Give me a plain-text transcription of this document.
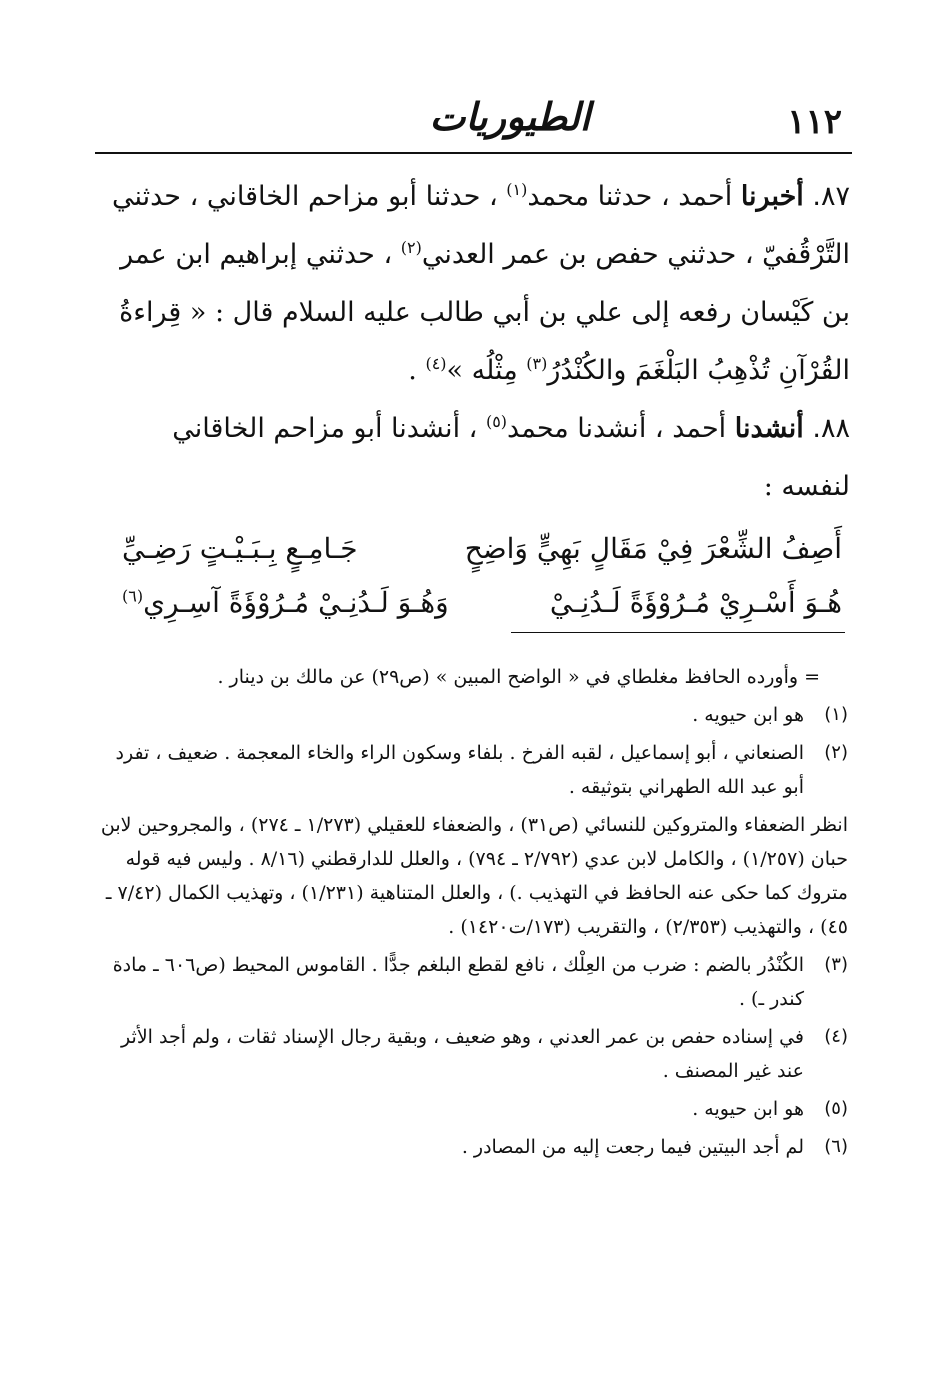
١١٢
الطيوريات

٨٧. أخبرنا أحمد ، حدثنا محمد$^{(١)}$ ، حدثنا أبو مزاحم الخاقاني ، حدثني التَّرْقُفيّ ، حدثني حفص بن عمر العدني$^{(٢)}$ ، حدثني إبراهيم ابن عمر بن كَيْسان رفعه إلى علي بن أبي طالب عليه السلام قال : « قِراءةُ القُرْآنِ تُذْهِبُ البَلْغَمَ والكُنْدُرُ$^{(٣)}$ مِثْلُه »$^{(٤)}$ .

٨٨. أنشدنا أحمد ، أنشدنا محمد$^{(٥)}$ ، أنشدنا أبو مزاحم الخاقاني لنفسه :

أَصِفُ الشِّعْرَ فِيْ مَقَالٍ بَهِيٍّ وَاضِحٍ
جَـامِـعٍ بِـبَـيْـتٍ رَضِـيِّ
هُـوَ أَسْـرِيْ مُـرُوْؤَةً لَـدُنِـيْ
وَهُـوَ لَـدُنِـيْ مُـرُوْؤَةً آسِـرِي$^{(٦)}$

= وأورده الحافظ مغلطاي في « الواضح المبين » (ص٢٩) عن مالك بن دينار .

(١)
هو ابن حيويه .
(٢)
الصنعاني ، أبو إسماعيل ، لقبه الفرخ . بلفاء وسكون الراء والخاء المعجمة . ضعيف ، تفرد أبو عبد الله الطهراني بتوثيقه .
انظر الضعفاء والمتروكين للنسائي (ص٣١) ، والضعفاء للعقيلي (١/٢٧٣ ـ ٢٧٤) ، والمجروحين لابن حبان (١/٢٥٧) ، والكامل لابن عدي (٢/٧٩٢ ـ ٧٩٤) ، والعلل للدارقطني (٨/١٦ . وليس فيه قوله متروك كما حكى عنه الحافظ في التهذيب .) ، والعلل المتناهية (١/٢٣١) ، وتهذيب الكمال (٧/٤٢ ـ ٤٥) ، والتهذيب (٢/٣٥٣) ، والتقريب (١٧٣/ت١٤٢٠) .
(٣)
الكُنْدُر بالضم : ضرب من العِلْك ، نافع لقطع البلغم جدًّا . القاموس المحيط (ص٦٠٦ ـ مادة كندر ـ) .
(٤)
في إسناده حفص بن عمر العدني ، وهو ضعيف ، وبقية رجال الإسناد ثقات ، ولم أجد الأثر عند غير المصنف .
(٥)
هو ابن حيويه .
(٦)
لم أجد البيتين فيما رجعت إليه من المصادر .
